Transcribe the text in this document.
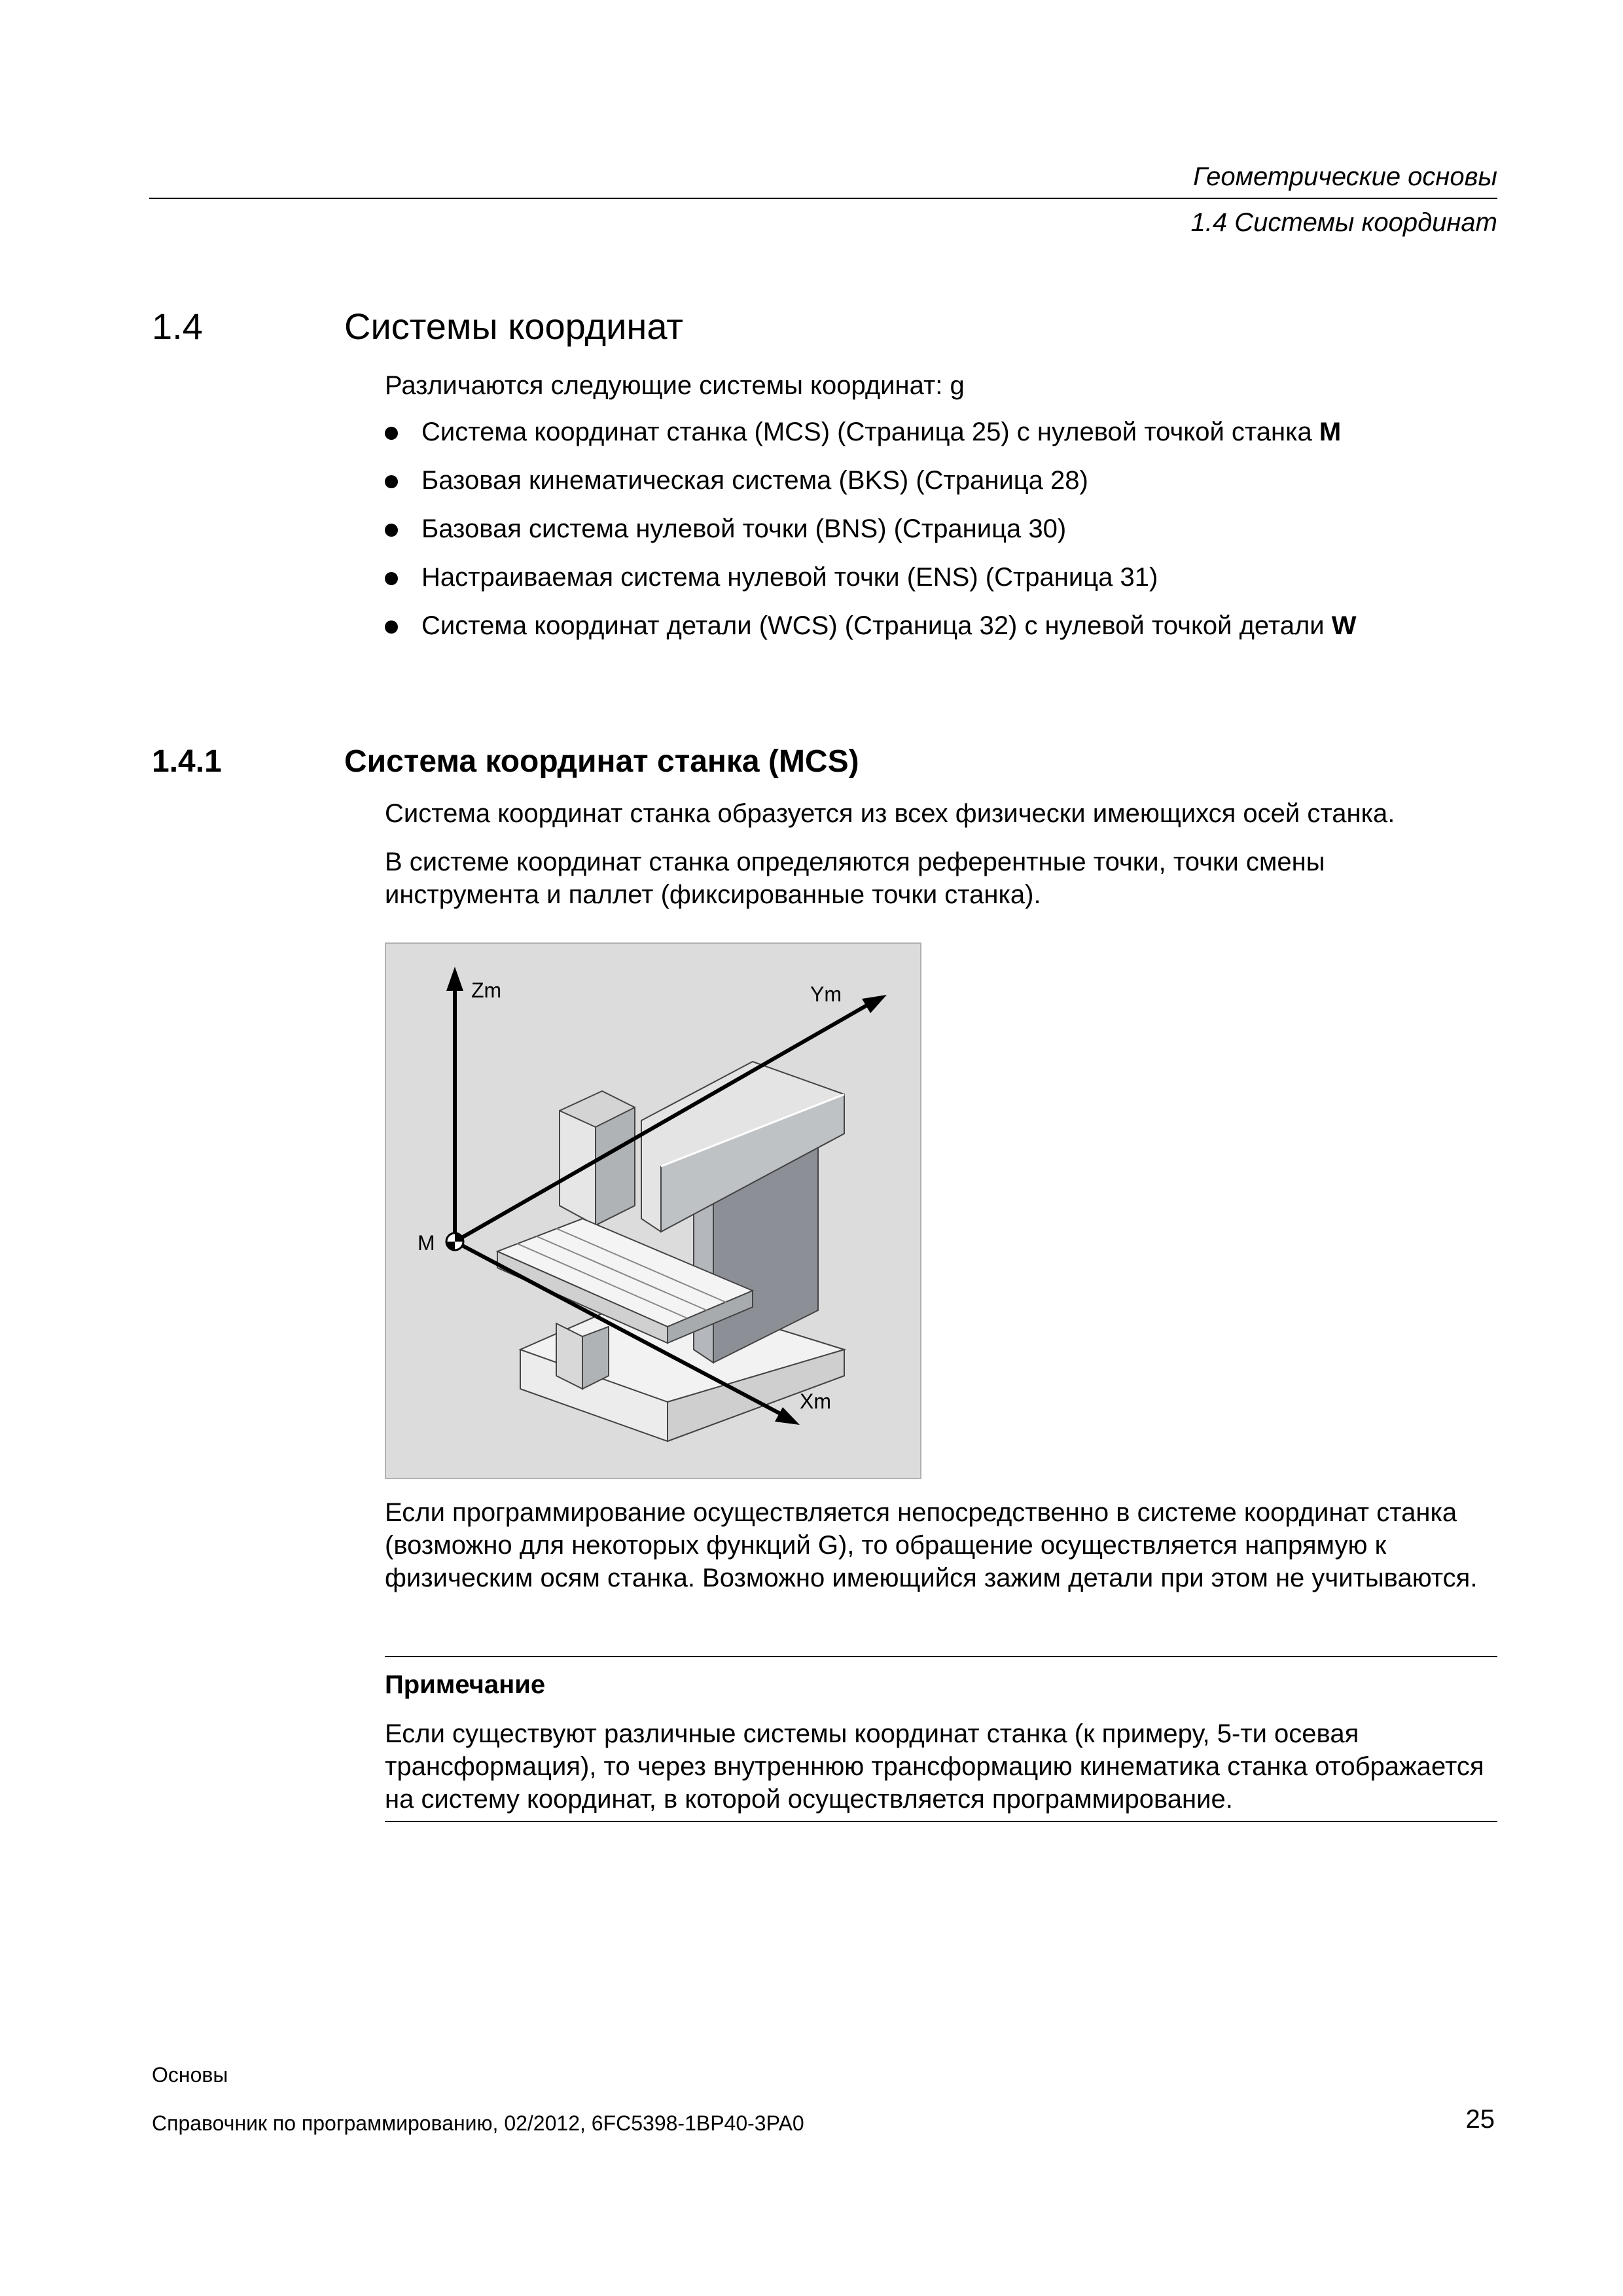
Геометрические основы
1.4 Системы координат
1.4	Системы координат
Различаются следующие системы координат: g
Система координат станка (MCS) (Страница 25) с нулевой точкой станка M
Базовая кинематическая система (BKS) (Страница 28)
Базовая система нулевой точки (BNS) (Страница 30)
Настраиваемая система нулевой точки (ENS) (Страница 31)
Система координат детали (WCS) (Страница 32) с нулевой точкой детали W
1.4.1	Система координат станка (MCS)
Система координат станка образуется из всех физически имеющихся осей станка.
В системе координат станка определяются референтные точки, точки смены инструмента и паллет (фиксированные точки станка).
Zm	Ym
Xm
M
Если программирование осуществляется непосредственно в системе координат станка (возможно для некоторых функций G), то обращение осуществляется напрямую к физическим осям станка. Возможно имеющийся зажим детали при этом не учитываются.
Примечание
Если существуют различные системы координат станка (к примеру, 5-ти осевая трансформация), то через внутреннюю трансформацию кинематика станка отображается на систему координат, в которой осуществляется программирование.
Основы
Справочник по программированию, 02/2012, 6FC5398-1BP40-3PA0	25
